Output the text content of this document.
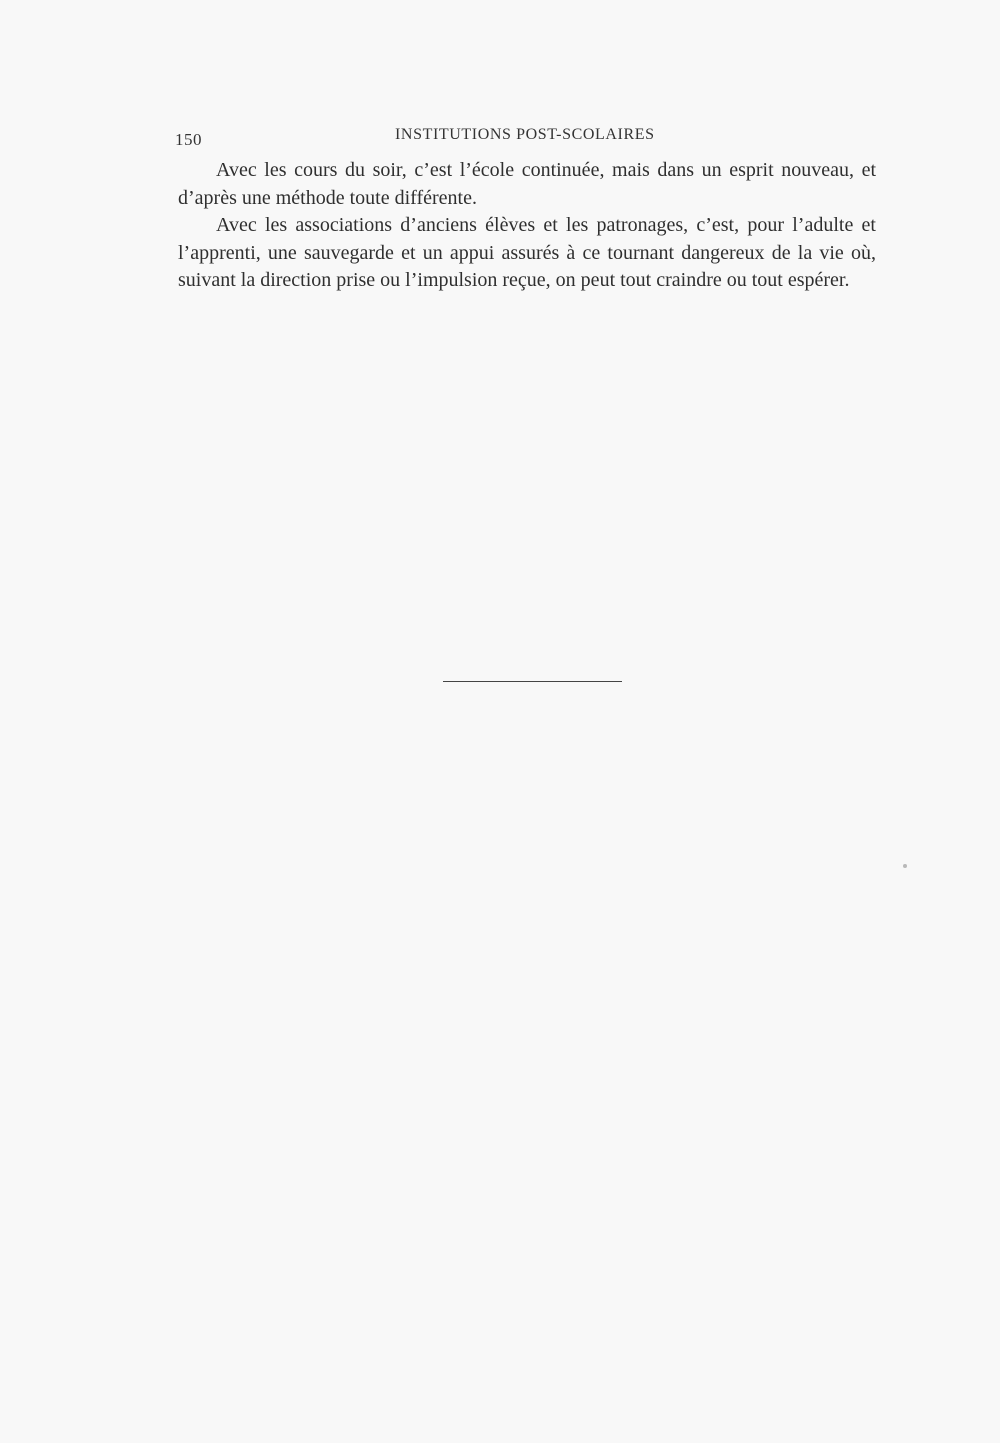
150	INSTITUTIONS POST-SCOLAIRES

Avec les cours du soir, c’est l’école continuée, mais dans un esprit nouveau, et d’après une méthode toute différente.

Avec les associations d’anciens élèves et les patronages, c’est, pour l’adulte et l’apprenti, une sauvegarde et un appui assurés à ce tournant dangereux de la vie où, suivant la direction prise ou l’impulsion reçue, on peut tout craindre ou tout espérer.
